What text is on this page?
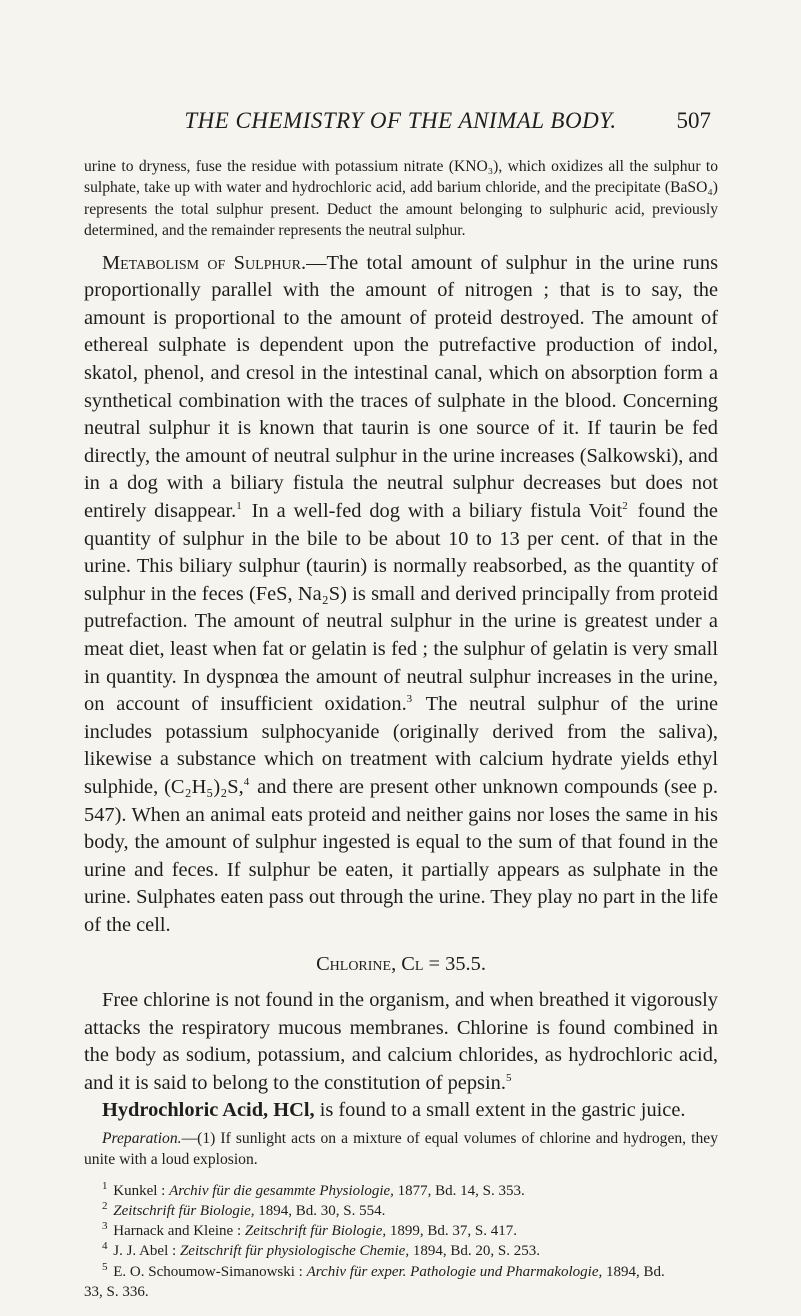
THE CHEMISTRY OF THE ANIMAL BODY.	507

urine to dryness, fuse the residue with potassium nitrate (KNO₃), which oxidizes all the sulphur to sulphate, take up with water and hydrochloric acid, add barium chloride, and the precipitate (BaSO₄) represents the total sulphur present. Deduct the amount belonging to sulphuric acid, previously determined, and the remainder represents the neutral sulphur.

Metabolism of Sulphur.—The total amount of sulphur in the urine runs proportionally parallel with the amount of nitrogen ; that is to say, the amount is proportional to the amount of proteid destroyed. The amount of ethereal sulphate is dependent upon the putrefactive production of indol, skatol, phenol, and cresol in the intestinal canal, which on absorption form a synthetical combination with the traces of sulphate in the blood. Concerning neutral sulphur it is known that taurin is one source of it. If taurin be fed directly, the amount of neutral sulphur in the urine increases (Salkowski), and in a dog with a biliary fistula the neutral sulphur decreases but does not entirely disappear.$^1$ In a well-fed dog with a biliary fistula Voit$^2$ found the quantity of sulphur in the bile to be about 10 to 13 per cent. of that in the urine. This biliary sulphur (taurin) is normally reabsorbed, as the quantity of sulphur in the feces (FeS, Na₂S) is small and derived principally from proteid putrefaction. The amount of neutral sulphur in the urine is greatest under a meat diet, least when fat or gelatin is fed ; the sulphur of gelatin is very small in quantity. In dyspnœa the amount of neutral sulphur increases in the urine, on account of insufficient oxidation.$^3$ The neutral sulphur of the urine includes potassium sulphocyanide (originally derived from the saliva), likewise a substance which on treatment with calcium hydrate yields ethyl sulphide, (C₂H₅)₂S,$^4$ and there are present other unknown compounds (see p. 547). When an animal eats proteid and neither gains nor loses the same in his body, the amount of sulphur ingested is equal to the sum of that found in the urine and feces. If sulphur be eaten, it partially appears as sulphate in the urine. Sulphates eaten pass out through the urine. They play no part in the life of the cell.

Chlorine, Cl = 35.5.

Free chlorine is not found in the organism, and when breathed it vigorously attacks the respiratory mucous membranes. Chlorine is found combined in the body as sodium, potassium, and calcium chlorides, as hydrochloric acid, and it is said to belong to the constitution of pepsin.$^5$

Hydrochloric Acid, HCl, is found to a small extent in the gastric juice.

Preparation.—(1) If sunlight acts on a mixture of equal volumes of chlorine and hydrogen, they unite with a loud explosion.

$^1$ Kunkel : Archiv für die gesammte Physiologie, 1877, Bd. 14, S. 353.

$^2$ Zeitschrift für Biologie, 1894, Bd. 30, S. 554.

$^3$ Harnack and Kleine : Zeitschrift für Biologie, 1899, Bd. 37, S. 417.

$^4$ J. J. Abel : Zeitschrift für physiologische Chemie, 1894, Bd. 20, S. 253.

$^5$ E. O. Schoumow-Simanowski : Archiv für exper. Pathologie und Pharmakologie, 1894, Bd.

33, S. 336.
